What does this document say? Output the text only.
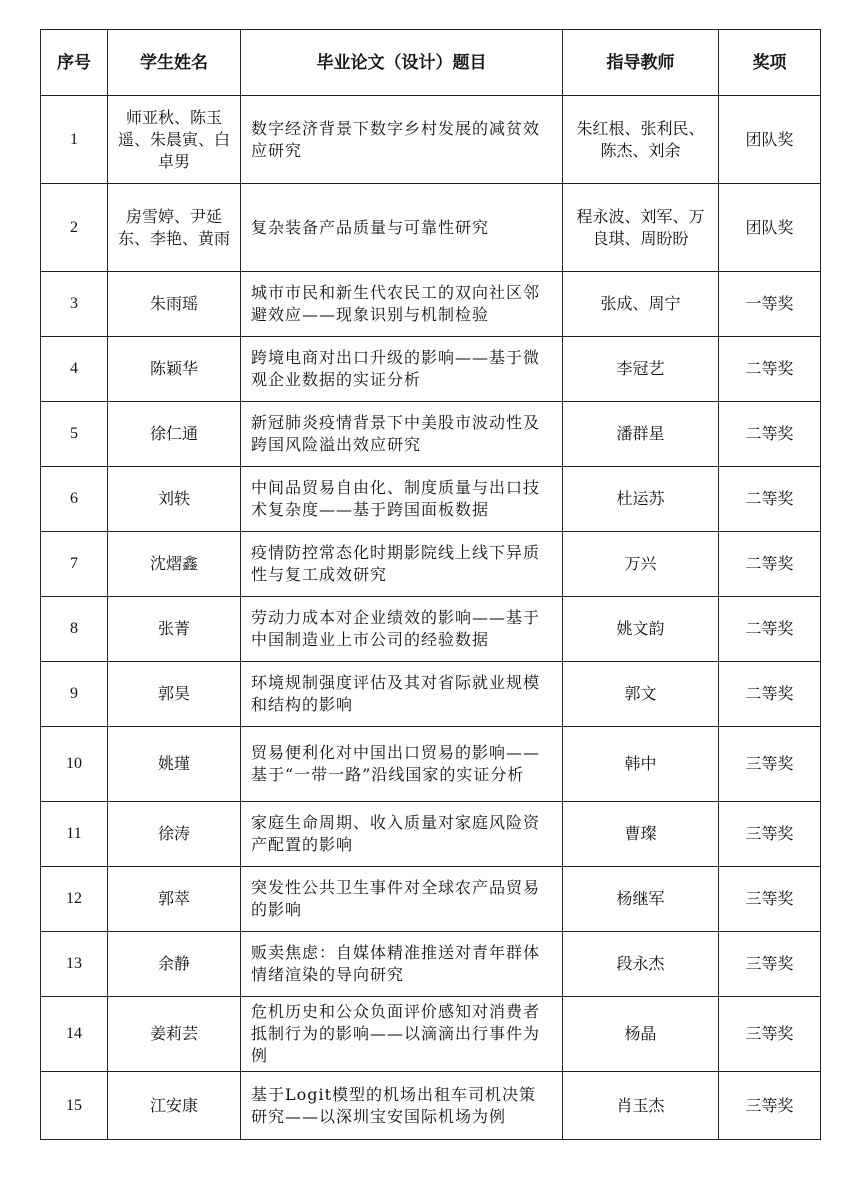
序号	学生姓名	毕业论文（设计）题目	指导教师	奖项
1	师亚秋、陈玉遥、朱晨寅、白卓男	数字经济背景下数字乡村发展的减贫效应研究	朱红根、张利民、陈杰、刘余	团队奖
2	房雪婷、尹延东、李艳、黄雨	复杂装备产品质量与可靠性研究	程永波、刘军、万良琪、周盼盼	团队奖
3	朱雨瑶	城市市民和新生代农民工的双向社区邻避效应——现象识别与机制检验	张成、周宁	一等奖
4	陈颖华	跨境电商对出口升级的影响——基于微观企业数据的实证分析	李冠艺	二等奖
5	徐仁通	新冠肺炎疫情背景下中美股市波动性及跨国风险溢出效应研究	潘群星	二等奖
6	刘轶	中间品贸易自由化、制度质量与出口技术复杂度——基于跨国面板数据	杜运苏	二等奖
7	沈熠鑫	疫情防控常态化时期影院线上线下异质性与复工成效研究	万兴	二等奖
8	张菁	劳动力成本对企业绩效的影响——基于中国制造业上市公司的经验数据	姚文韵	二等奖
9	郭昊	环境规制强度评估及其对省际就业规模和结构的影响	郭文	二等奖
10	姚瑾	贸易便利化对中国出口贸易的影响——基于“一带一路”沿线国家的实证分析	韩中	三等奖
11	徐涛	家庭生命周期、收入质量对家庭风险资产配置的影响	曹璨	三等奖
12	郭萃	突发性公共卫生事件对全球农产品贸易的影响	杨继军	三等奖
13	余静	贩卖焦虑：自媒体精准推送对青年群体情绪渲染的导向研究	段永杰	三等奖
14	姜莉芸	危机历史和公众负面评价感知对消费者抵制行为的影响——以滴滴出行事件为例	杨晶	三等奖
15	江安康	基于Logit模型的机场出租车司机决策研究——以深圳宝安国际机场为例	肖玉杰	三等奖
